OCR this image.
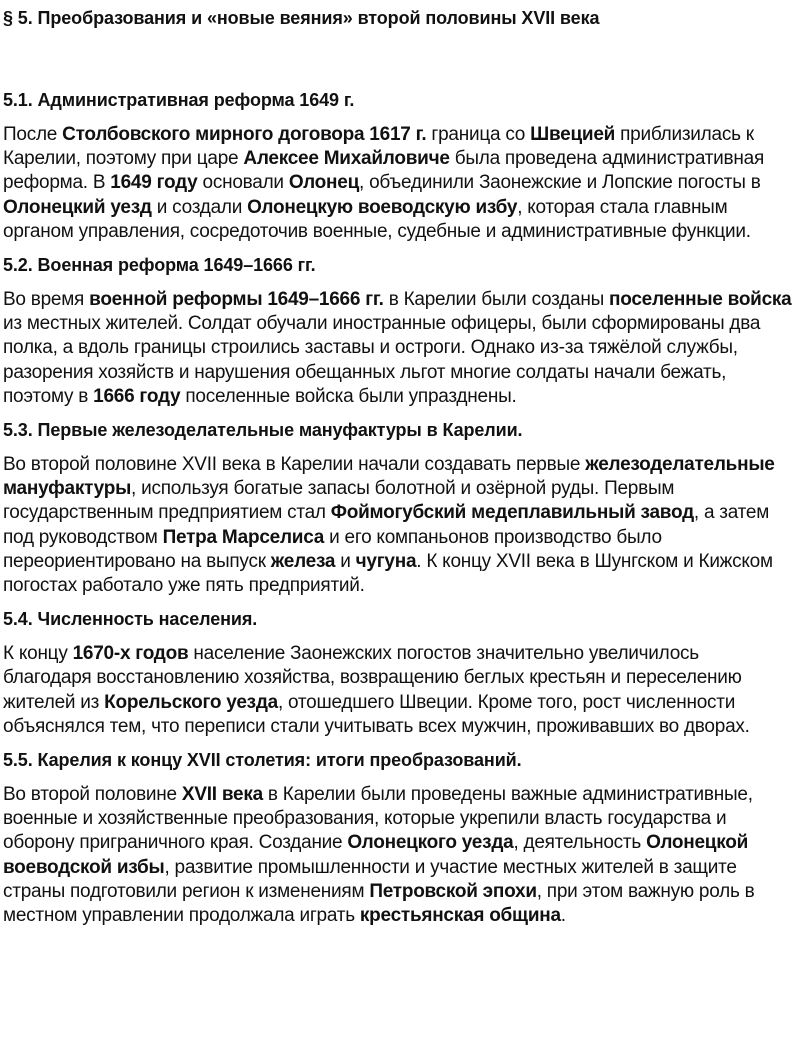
§ 5. Преобразования и «новые веяния» второй половины XVII века
5.1. Административная реформа 1649 г.

После Столбовского мирного договора 1617 г. граница со Швецией приблизилась к Карелии, поэтому при царе Алексее Михайловиче была проведена административная реформа. В 1649 году основали Олонец, объединили Заонежские и Лопские погосты в Олонецкий уезд и создали Олонецкую воеводскую избу, которая стала главным органом управления, сосредоточив военные, судебные и административные функции.

5.2. Военная реформа 1649–1666 гг.

Во время военной реформы 1649–1666 гг. в Карелии были созданы поселенные войска из местных жителей. Солдат обучали иностранные офицеры, были сформированы два полка, а вдоль границы строились заставы и остроги. Однако из-за тяжёлой службы, разорения хозяйств и нарушения обещанных льгот многие солдаты начали бежать, поэтому в 1666 году поселенные войска были упразднены.

5.3. Первые железоделательные мануфактуры в Карелии.

Во второй половине XVII века в Карелии начали создавать первые железоделательные мануфактуры, используя богатые запасы болотной и озёрной руды. Первым государственным предприятием стал Фоймогубский медеплавильный завод, а затем под руководством Петра Марселиса и его компаньонов производство было переориентировано на выпуск железа и чугуна. К концу XVII века в Шунгском и Кижском погостах работало уже пять предприятий.

5.4. Численность населения.

К концу 1670-х годов население Заонежских погостов значительно увеличилось благодаря восстановлению хозяйства, возвращению беглых крестьян и переселению жителей из Корельского уезда, отошедшего Швеции. Кроме того, рост численности объяснялся тем, что переписи стали учитывать всех мужчин, проживавших во дворах.

5.5. Карелия к концу XVII столетия: итоги преобразований.

Во второй половине XVII века в Карелии были проведены важные административные, военные и хозяйственные преобразования, которые укрепили власть государства и оборону приграничного края. Создание Олонецкого уезда, деятельность Олонецкой воеводской избы, развитие промышленности и участие местных жителей в защите страны подготовили регион к изменениям Петровской эпохи, при этом важную роль в местном управлении продолжала играть крестьянская община.
